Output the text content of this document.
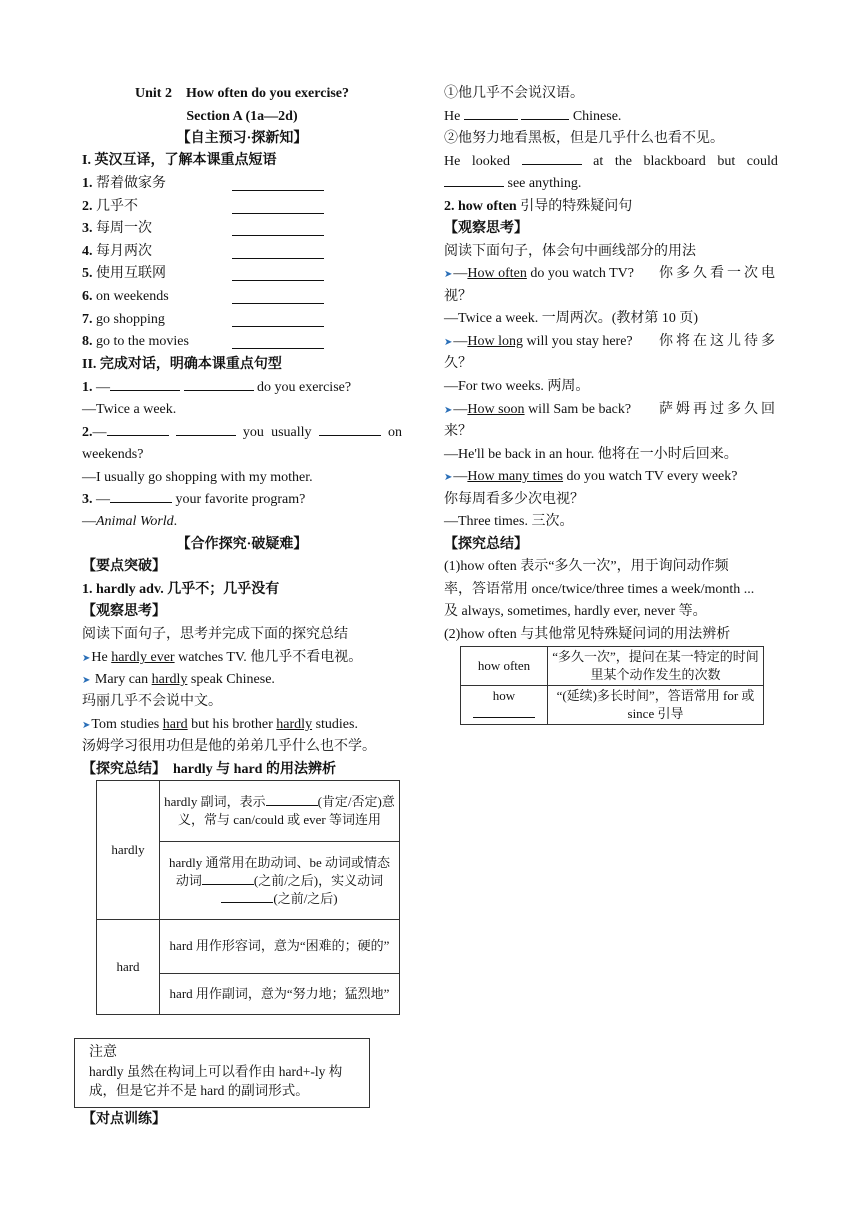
Unit 2　How often do you exercise?
Section A (1a—2d)
【自主预习·探新知】
I. 英汉互译，了解本课重点短语
1. 帮着做家务
2. 几乎不
3. 每周一次
4. 每月两次
5. 使用互联网
6. on weekends
7. go shopping
8. go to the movies
II. 完成对话，明确本课重点句型
1. —	do you exercise?
—Twice a week.
2.—	you usually	on
weekends?
—I usually go shopping with my mother.
3. —	your favorite program?
—Animal World.
【合作探究·破疑难】
【要点突破】
1. hardly adv. 几乎不；几乎没有
【观察思考】
阅读下面句子，思考并完成下面的探究总结
➤He hardly ever watches TV. 他几乎不看电视。
➤ Mary can hardly speak Chinese.
玛丽几乎不会说中文。
➤Tom studies hard but his brother hardly studies.
汤姆学习很用功但是他的弟弟几乎什么也不学。
【探究总结】　 hardly 与 hard 的用法辨析
hardly	hardly 副词，表示 (肯定/否定)意义，常与 can/could 或 ever 等词连用
	hardly 通常用在助动词、be 动词或情态动词 (之前/之后)，实义动词(之前/之后)
hard	hard 用作形容词，意为“困难的；硬的”
	hard 用作副词，意为“努力地；猛烈地”
注意
hardly 虽然在构词上可以看作由 hard+-ly 构成，但是它并不是 hard 的副词形式。
【对点训练】
①他几乎不会说汉语。
He	Chinese.
②他努力地看黑板，但是几乎什么也看不见。
He looked	at the blackboard but could
see anything.
2. how often 引导的特殊疑问句
【观察思考】
阅读下面句子，体会句中画线部分的用法
➤—How often do you watch TV? 你多久看一次电
视？
—Twice a week. 一周两次。(教材第 10 页)
➤—How long will you stay here? 你将在这儿待多
久？
—For two weeks. 两周。
➤—How soon will Sam be back? 萨姆再过多久回
来？
—He'll be back in an hour. 他将在一小时后回来。
➤—How many times do you watch TV every week?
你每周看多少次电视？
—Three times. 三次。
【探究总结】
(1)how often 表示“多久一次”，用于询问动作频
率，答语常用 once/twice/three times a week/month ...
及 always, sometimes, hardly ever, never 等。
(2)how often 与其他常见特殊疑问词的用法辨析
how often	“多久一次”，提问在某一特定的时间里某个动作发生的次数

how	“(延续)多长时间”，答语常用 for 或 since 引导
